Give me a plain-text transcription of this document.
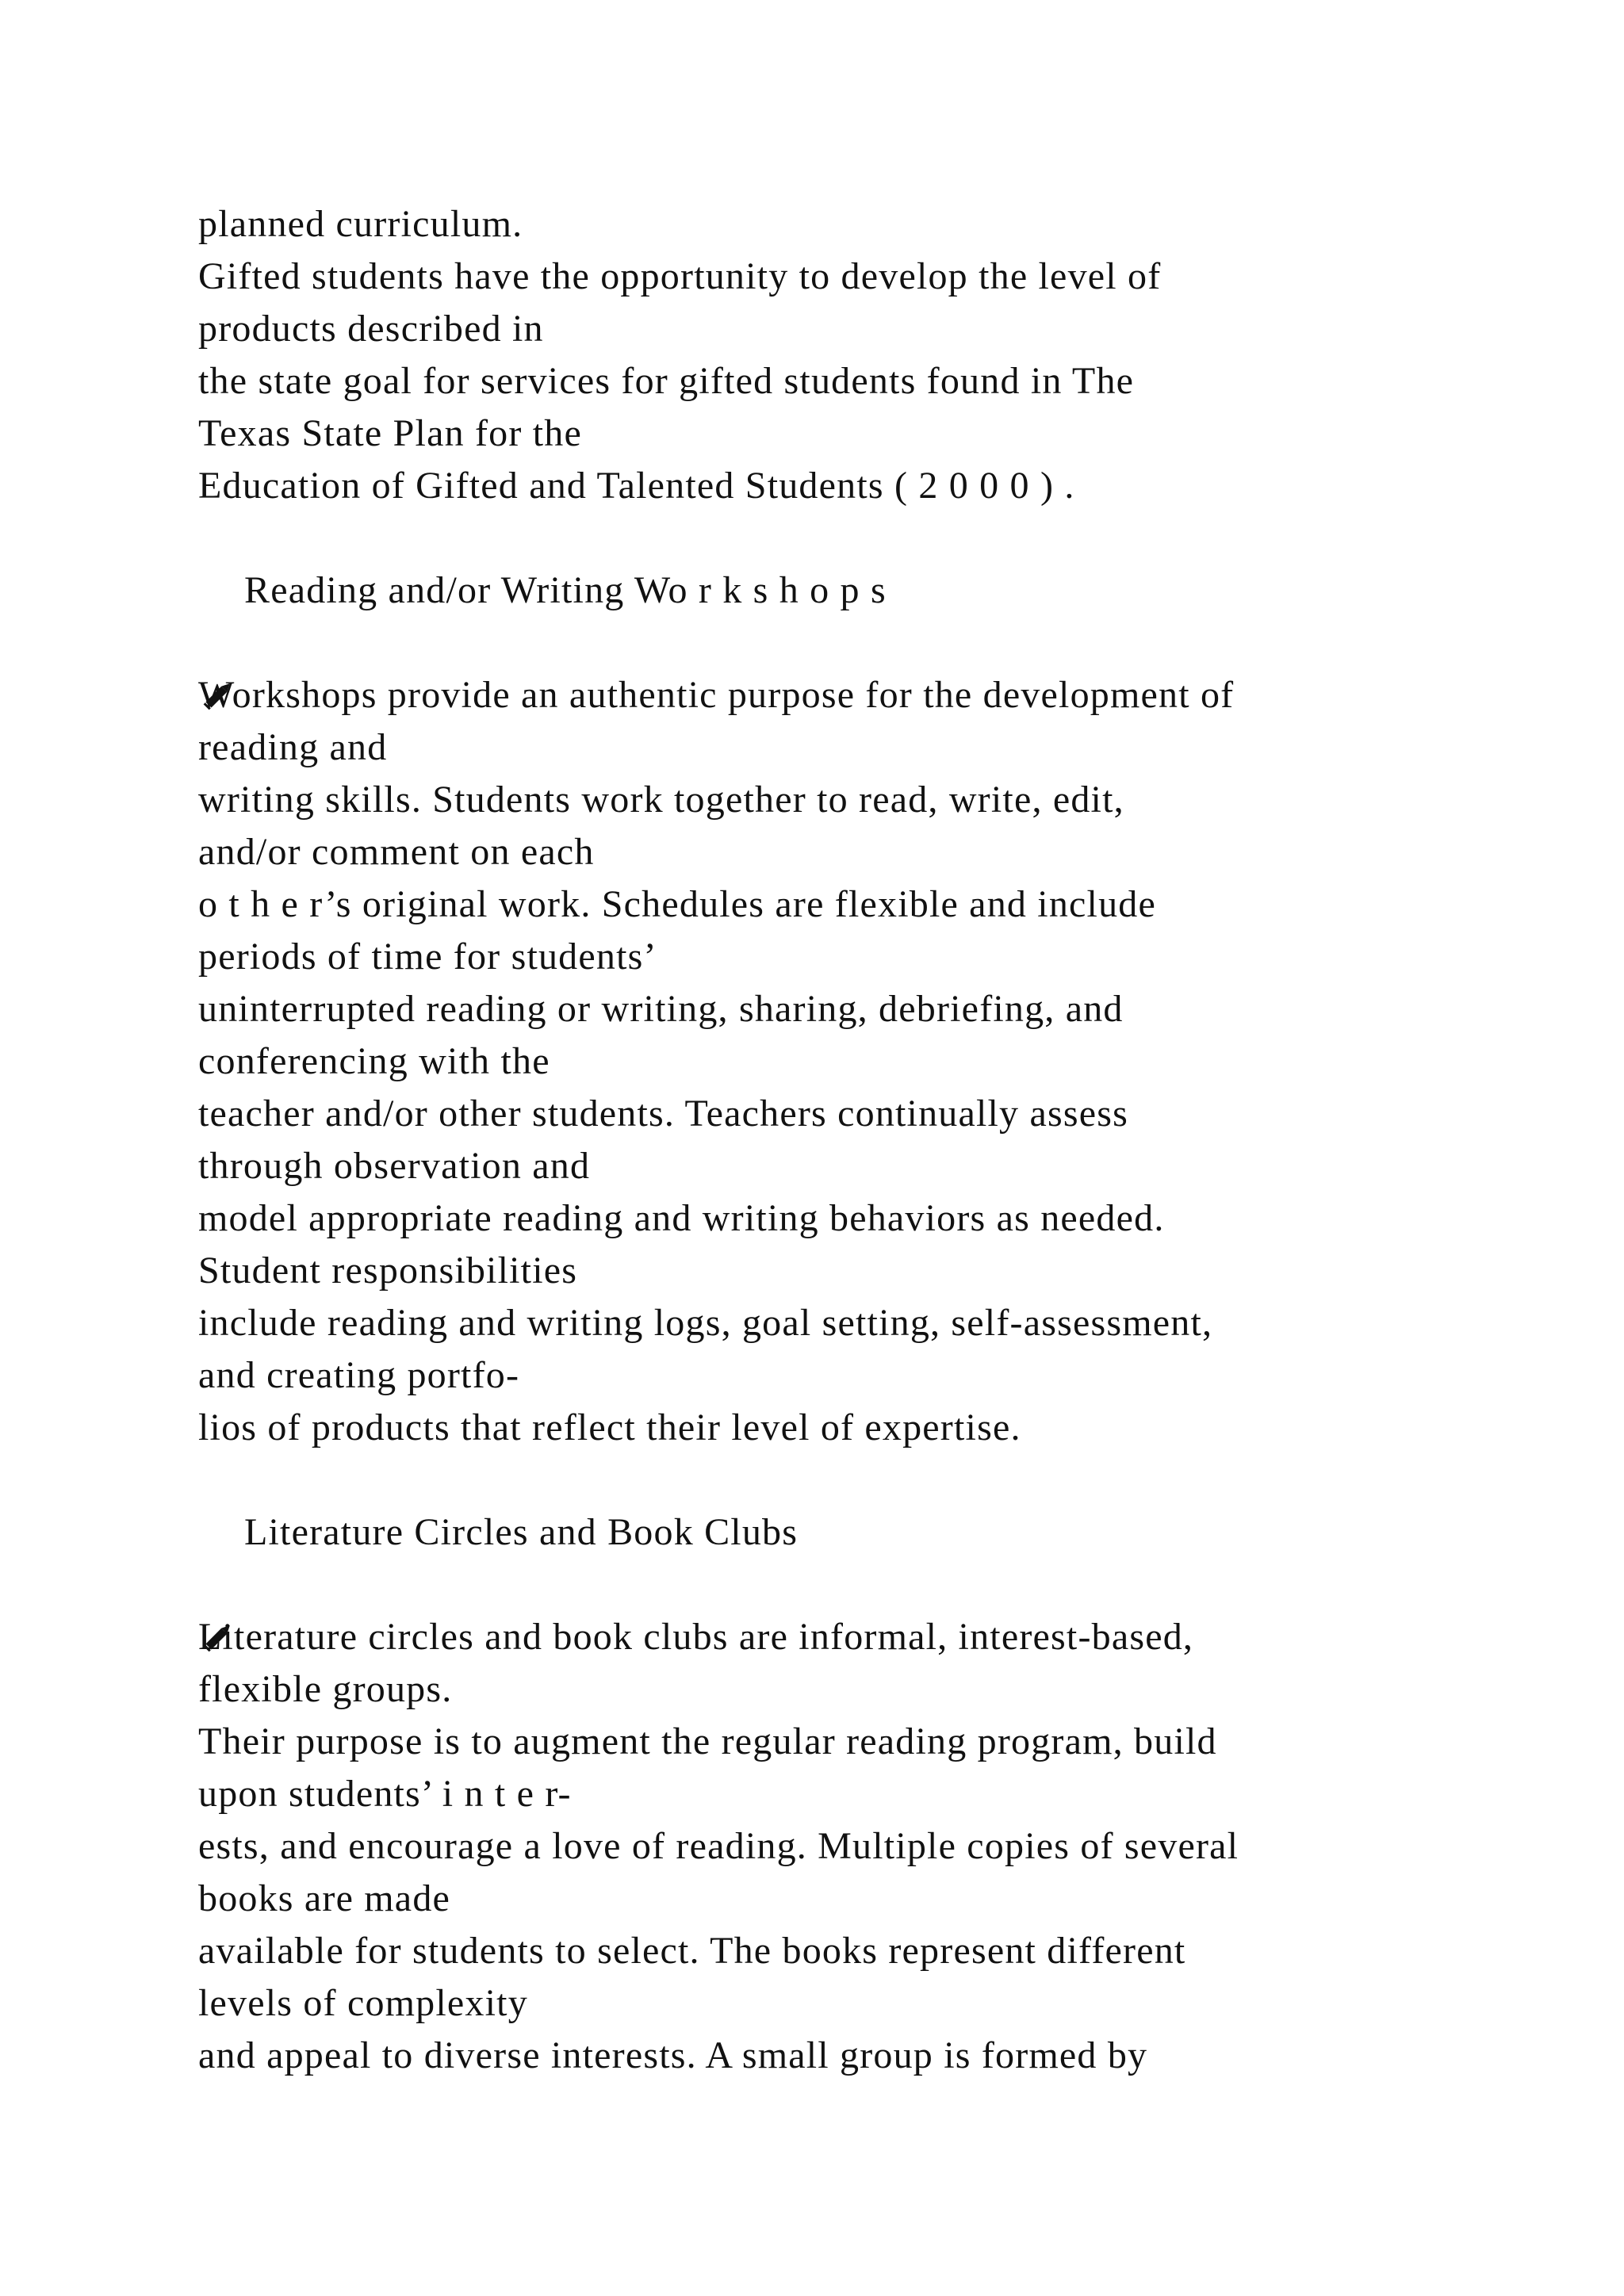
planned curriculum.
Gifted students have the opportunity to develop the level of
products described in
the state goal for services for gifted students found in The
Texas State Plan for the
Education of Gifted and Talented Students ( 2 0 0 0 ) .

Reading and/or Writing Wo r k s h o p s
Workshops provide an authentic purpose for the development of
reading and
writing skills. Students work together to read, write, edit,
and/or comment on each
o t h e r’s original work. Schedules are flexible and include
periods of time for students’
uninterrupted reading or writing, sharing, debriefing, and
conferencing with the
teacher and/or other students. Teachers continually assess
through observation and
model appropriate reading and writing behaviors as needed.
Student responsibilities
include reading and writing logs, goal setting, self-assessment,
and creating portfo-
lios of products that reflect their level of expertise.

Literature Circles and Book Clubs
Literature circles and book clubs are informal, interest-based,
flexible groups.
Their purpose is to augment the regular reading program, build
upon students’ i n t e r-
ests, and encourage a love of reading. Multiple copies of several
books are made
available for students to select. The books represent different
levels of complexity
and appeal to diverse interests. A small group is formed by
